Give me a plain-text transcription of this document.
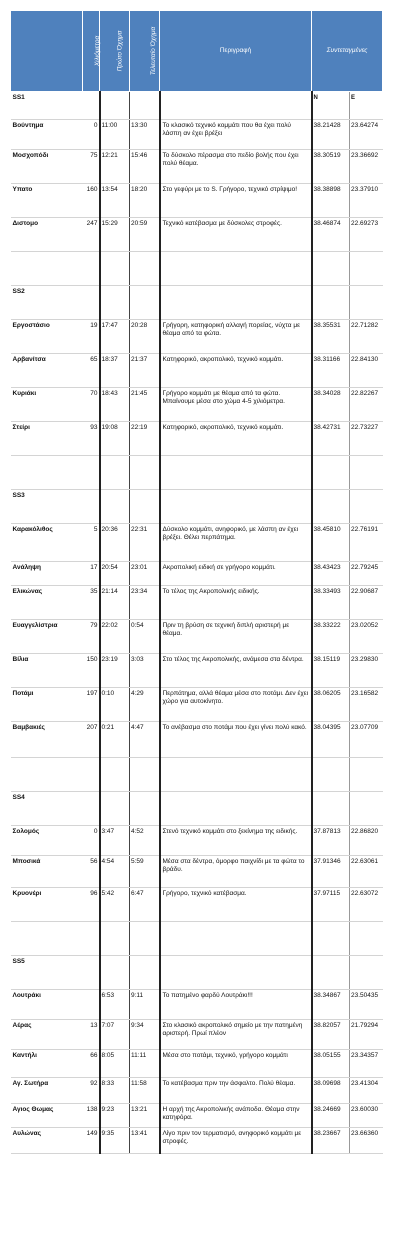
	Χιλιόμετρα	Πρώτο Όχημα	Τελευταίο Όχημα	Περιγραφή	Συντεταγμένες	
SS1					N	E
Βούντημα	0	11:00	13:30	Το κλασικό τεχνικό κομμάτι που θα έχει πολύ λάσπη αν έχει βρέξει	38.21428	23.64274
Μοσχοπόδι	75	12:21	15:46	Το δύσκολο πέρασμα στο πεδίο βολής που έχει πολύ θέαμα.	38.30519	23.36692
Υπατο	160	13:54	18:20	Στο γεφύρι με το S. Γρήγορο, τεχνικό στρίψιμο!	38.38898	23.37910
Διστομο	247	15:29	20:59	Τεχνικό κατέβασμα με δύσκολες στροφές.	38.46874	22.69273

SS2						
Εργοστάσιο	19	17:47	20:28	Γρήγορη, κατηφορική αλλαγή πορείας, νύχτα με θέαμα από τα φώτα.	38.35531	22.71282
Αρβανίτσα	65	18:37	21:37	Κατηφορικό, ακροπολικό, τεχνικό κομμάτι.	38.31166	22.84130
Κυριάκι	70	18:43	21:45	Γρήγορο κομμάτι με θέαμα από τα φώτα. Μπαίνουμε μέσα στο χώμα 4-5 χιλιόμετρα.	38.34028	22.82267
Στείρι	93	19:08	22:19	Κατηφορικό, ακροπολικό, τεχνικό κομμάτι.	38.42731	22.73227

SS3						
Καρακόλιθος	5	20:36	22:31	Δύσκολο κομμάτι, ανηφορικό, με λάσπη αν έχει βρέξει. Θέλει περπάτημα.	38.45810	22.76191
Ανάληψη	17	20:54	23:01	Ακροπολική ειδική σε γρήγορο κομμάτι.	38.43423	22.79245
Ελικώνας	35	21:14	23:34	Το τέλος της Ακροπολικής ειδικής.	38.33493	22.90687
Ευαγγελίστρια	79	22:02	0:54	Πριν τη βρύση σε τεχνική διπλή αριστερή με θέαμα.	38.33222	23.02052
Βίλια	150	23:19	3:03	Στο τέλος της Ακροπολικής, ανάμεσα στα δέντρα.	38.15119	23.29830
Ποτάμι	197	0:10	4:29	Περπάτημα, αλλά θέαμα μέσα στο ποτάμι. Δεν έχει χώρο για αυτοκίνητο.	38.06205	23.16582
Βαμβακιές	207	0:21	4:47	Το ανέβασμα στο ποτάμι που έχει γίνει πολύ κακό.	38.04395	23.07709

SS4						
Σολομός	0	3:47	4:52	Στενό τεχνικό κομμάτι στο ξεκίνημα της ειδικής.	37.87813	22.86820
Μποσικά	56	4:54	5:59	Μέσα στα δέντρα, όμορφο παιχνίδι με τα φώτα το βράδυ.	37.91346	22.63061
Κρυονέρι	96	5:42	6:47	Γρήγορο, τεχνικό κατέβασμα.	37.97115	22.63072

SS5						
Λουτράκι		6:53	9:11	Το πατημένο φαρδύ Λουτράκι!!!	38.34867	23.50435
Αέρας	13	7:07	9:34	Στο κλασικό ακροπολικό σημείο με την πατημένη αριστερή. Πρωί πλέον	38.82057	21.79294
Καντήλι	66	8:05	11:11	Μέσα στο ποτάμι, τεχνικό, γρήγορο κομμάτι	38.05155	23.34357
Αγ. Σωτήρα	92	8:33	11:58	Το κατέβασμα πριν την άσφαλτο. Πολύ θέαμα.	38.09698	23.41304
Αγιος Θωμας	138	9:23	13:21	Η αρχή της Ακροπολικής ανάποδα. Θέαμα στην κατηφόρα.	38.24669	23.60030
Αυλώνας	149	9:35	13:41	Λίγο πριν τον τερματισμό, ανηφορικό κομμάτι με στροφές.	38.23667	23.66360
